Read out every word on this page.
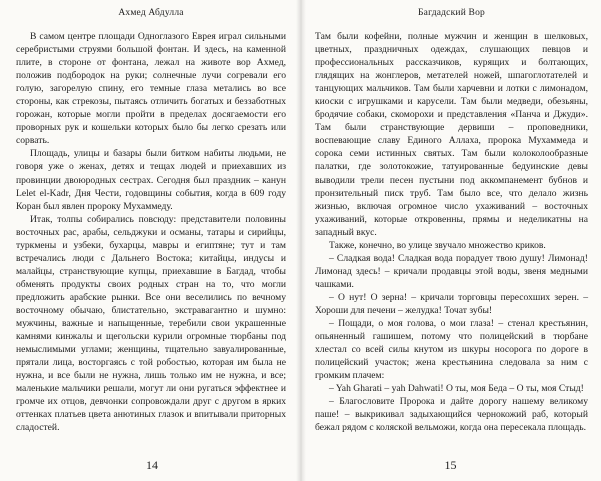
Ахмед Абдулла

В самом центре площади Одноглазого Еврея играл сильными серебристыми струями большой фонтан. И здесь, на каменной плите, в стороне от фонтана, лежал на животе вор Ахмед, положив подбородок на руки; солнечные лучи согревали его голую, загорелую спину, его темные глаза метались во все стороны, как стрекозы, пытаясь отличить богатых и беззаботных горожан, которые могли пройти в пределах досягаемости его проворных рук и кошельки которых было бы легко срезать или сорвать.

Площадь, улицы и базары были битком набиты людьми, не говоря уже о женах, детях и тещах людей и приехавших из провинции двоюродных сестрах. Сегодня был праздник – канун Lelet el-Kadr, Дня Чести, годовщины события, когда в 609 году Коран был явлен пророку Мухаммеду.

Итак, толпы собирались повсюду: представители половины восточных рас, арабы, сельджуки и османы, татары и сирийцы, туркмены и узбеки, бухарцы, мавры и египтяне; тут и там встречались люди с Дальнего Востока; китайцы, индусы и малайцы, странствующие купцы, приехавшие в Багдад, чтобы обменять продукты своих родных стран на то, что могли предложить арабские рынки. Все они веселились по вечному восточному обычаю, блистательно, экстравагантно и шумно: мужчины, важные и напыщенные, теребили свои украшенные камнями кинжалы и щегольски курили огромные тюрбаны под немыслимыми углами; женщины, тщательно завуалированные, прятали лица, восторгаясь с той робостью, которая им была не нужна, и все были не нужна, лишь только им не нужна, и все; маленькие мальчики решали, могут ли они ругаться эффектнее и громче их отцов, девчонки сопровождали друг с другом в ярких оттенках платьев цвета анютиных глазок и впитывали приторных сладостей.

14
Багдадский Вор

Там были кофейни, полные мужчин и женщин в шелковых, цветных, праздничных одеждах, слушающих певцов и профессиональных рассказчиков, курящих и болтающих, глядящих на жонглеров, метателей ножей, шпагоглотателей и танцующих мальчиков. Там были харчевни и лотки с лимонадом, киоски с игрушками и карусели. Там были медведи, обезьяны, бродячие собаки, скоморохи и представления «Панча и Джуди». Там были странствующие дервиши – проповедники, воспевающие славу Единого Аллаха, пророка Мухаммеда и сорока семи истинных святых. Там были колоколообразные палатки, где золотокожие, татуированные бедуинские девы выводили трели песен пустыни под аккомпанемент бубнов и пронзительный писк труб. Там было все, что делало жизнь жизнью, включая огромное число ухаживаний – восточных ухаживаний, которые откровенны, прямы и неделикатны на западный вкус.

Также, конечно, во улице звучало множество криков.

– Сладкая вода! Сладкая вода порадует твою душу! Лимонад! Лимонад здесь! – кричали продавцы этой воды, звеня медными чашками.

– О нут! О зерна! – кричали торговцы пересохших зерен. – Хороши для печени – желудка! Точат зубы!

– Пощади, о моя голова, о мои глаза! – стенал крестьянин, опьяненный гашишем, потому что полицейский в тюрбане хлестал со всей силы кнутом из шкуры носорога по дороге в полицейский участок; жена крестьянина следовала за ним с громким плачем:

– Yah Gharati – yah Dahwati! О ты, моя Беда – О ты, моя Стыд!

– Благословите Пророка и дайте дорогу нашему великому паше! – выкрикивал задыхающийся чернокожий раб, который бежал рядом с коляской вельможи, когда она пересекала площадь.

15
